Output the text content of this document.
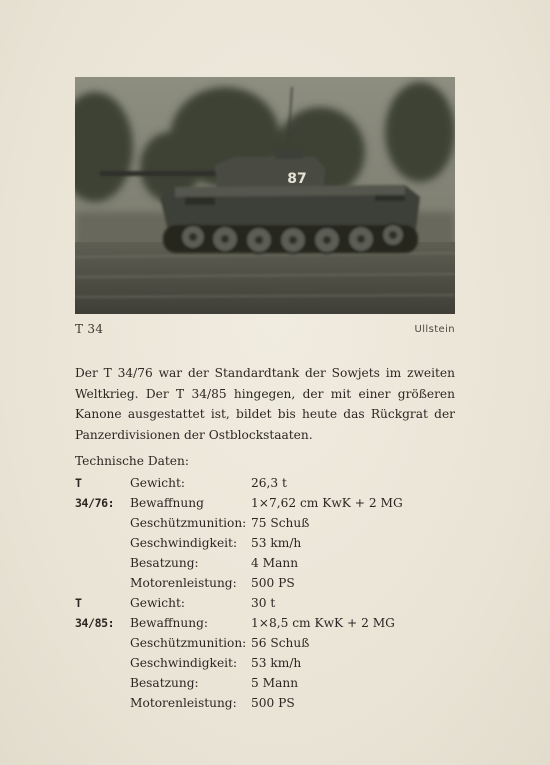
87
T 34	Ullstein

Der T 34/76 war der Standardtank der Sowjets im zweiten Weltkrieg. Der T 34/85 hingegen, der mit einer größeren Kanone ausgestattet ist, bildet bis heute das Rückgrat der Panzerdivisionen der Ostblockstaaten.

Technische Daten:
T 34/76:
Gewicht:	26,3 t
Bewaffnung	1×7,62 cm KwK + 2 MG
Geschützmunition: 75 Schuß
Geschwindigkeit: 53 km/h
Besatzung:	4 Mann
Motorenleistung: 500 PS
T 34/85:
Gewicht:	30 t
Bewaffnung:	1×8,5 cm KwK + 2 MG
Geschützmunition: 56 Schuß
Geschwindigkeit: 53 km/h
Besatzung:	5 Mann
Motorenleistung: 500 PS
